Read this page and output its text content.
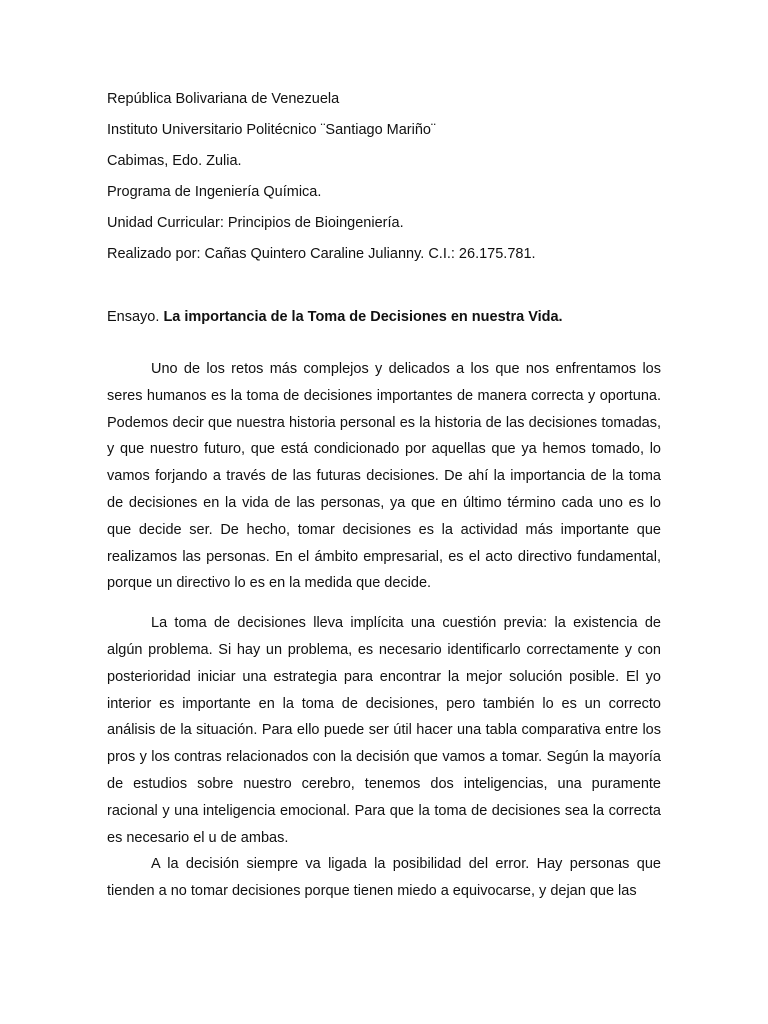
República Bolivariana de Venezuela
Instituto Universitario Politécnico ¨Santiago Mariño¨
Cabimas, Edo. Zulia.
Programa de Ingeniería Química.
Unidad Curricular: Principios de Bioingeniería.
Realizado por: Cañas Quintero Caraline Julianny. C.I.: 26.175.781.
Ensayo. La importancia de la Toma de Decisiones en nuestra Vida.

Uno de los retos más complejos y delicados a los que nos enfrentamos los seres humanos es la toma de decisiones importantes de manera correcta y oportuna. Podemos decir que nuestra historia personal es la historia de las decisiones tomadas, y que nuestro futuro, que está condicionado por aquellas que ya hemos tomado, lo vamos forjando a través de las futuras decisiones. De ahí la importancia de la toma de decisiones en la vida de las personas, ya que en último término cada uno es lo que decide ser. De hecho, tomar decisiones es la actividad más importante que realizamos las personas. En el ámbito empresarial, es el acto directivo fundamental, porque un directivo lo es en la medida que decide.

La toma de decisiones lleva implícita una cuestión previa: la existencia de algún problema. Si hay un problema, es necesario identificarlo correctamente y con posterioridad iniciar una estrategia para encontrar la mejor solución posible. El yo interior es importante en la toma de decisiones, pero también lo es un correcto análisis de la situación. Para ello puede ser útil hacer una tabla comparativa entre los pros y los contras relacionados con la decisión que vamos a tomar. Según la mayoría de estudios sobre nuestro cerebro, tenemos dos inteligencias, una puramente racional y una inteligencia emocional. Para que la toma de decisiones sea la correcta es necesario el u de ambas.

A la decisión siempre va ligada la posibilidad del error. Hay personas que tienden a no tomar decisiones porque tienen miedo a equivocarse, y dejan que las
